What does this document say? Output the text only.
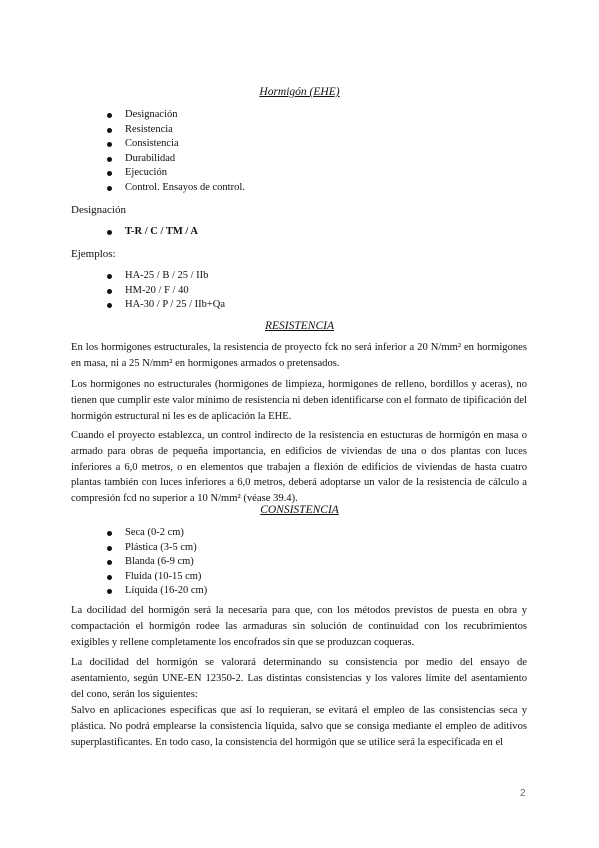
Hormigón (EHE)
Designación
Resistencia
Consistencia
Durabilidad
Ejecución
Control. Ensayos de control.
Designación
T-R / C / TM / A
Ejemplos:
HA-25 / B / 25 / IIb
HM-20 / F / 40
HA-30 / P / 25 / IIb+Qa
RESISTENCIA

En los hormigones estructurales, la resistencia de proyecto fck no será inferior a 20 N/mm² en hormigones en masa, ni a 25 N/mm² en hormigones armados o pretensados.

Los hormigones no estructurales (hormigones de limpieza, hormigones de relleno, bordillos y aceras), no tienen que cumplir este valor mínimo de resistencia ni deben identificarse con el formato de tipificación del hormigón estructural ni les es de aplicación la EHE.

Cuando el proyecto establezca, un control indirecto de la resistencia en estucturas de hormigón en masa o armado para obras de pequeña importancia, en edificios de viviendas de una o dos plantas con luces inferiores a 6,0 metros, o en elementos que trabajen a flexión de edificios de viviendas de hasta cuatro plantas también con luces inferiores a 6,0 metros, deberá adoptarse un valor de la resistencia de cálculo a compresión fcd no superior a 10 N/mm² (véase 39.4).

CONSISTENCIA
Seca (0-2 cm)
Plástica (3-5 cm)
Blanda (6-9 cm)
Fluida (10-15 cm)
Líquida (16-20 cm)

La docilidad del hormigón será la necesaria para que, con los métodos previstos de puesta en obra y compactación el hormigón rodee las armaduras sin solución de continuidad con los recubrimientos exigibles y rellene completamente los encofrados sin que se produzcan coqueras.

La docilidad del hormigón se valorará determinando su consistencia por medio del ensayo de asentamiento, según UNE-EN 12350-2. Las distintas consistencias y los valores límite del asentamiento del cono, serán los siguientes:

Salvo en aplicaciones específicas que así lo requieran, se evitará el empleo de las consistencias seca y plástica. No podrá emplearse la consistencia líquida, salvo que se consiga mediante el empleo de aditivos superplastificantes. En todo caso, la consistencia del hormigón que se utilice será la especificada en el

2
